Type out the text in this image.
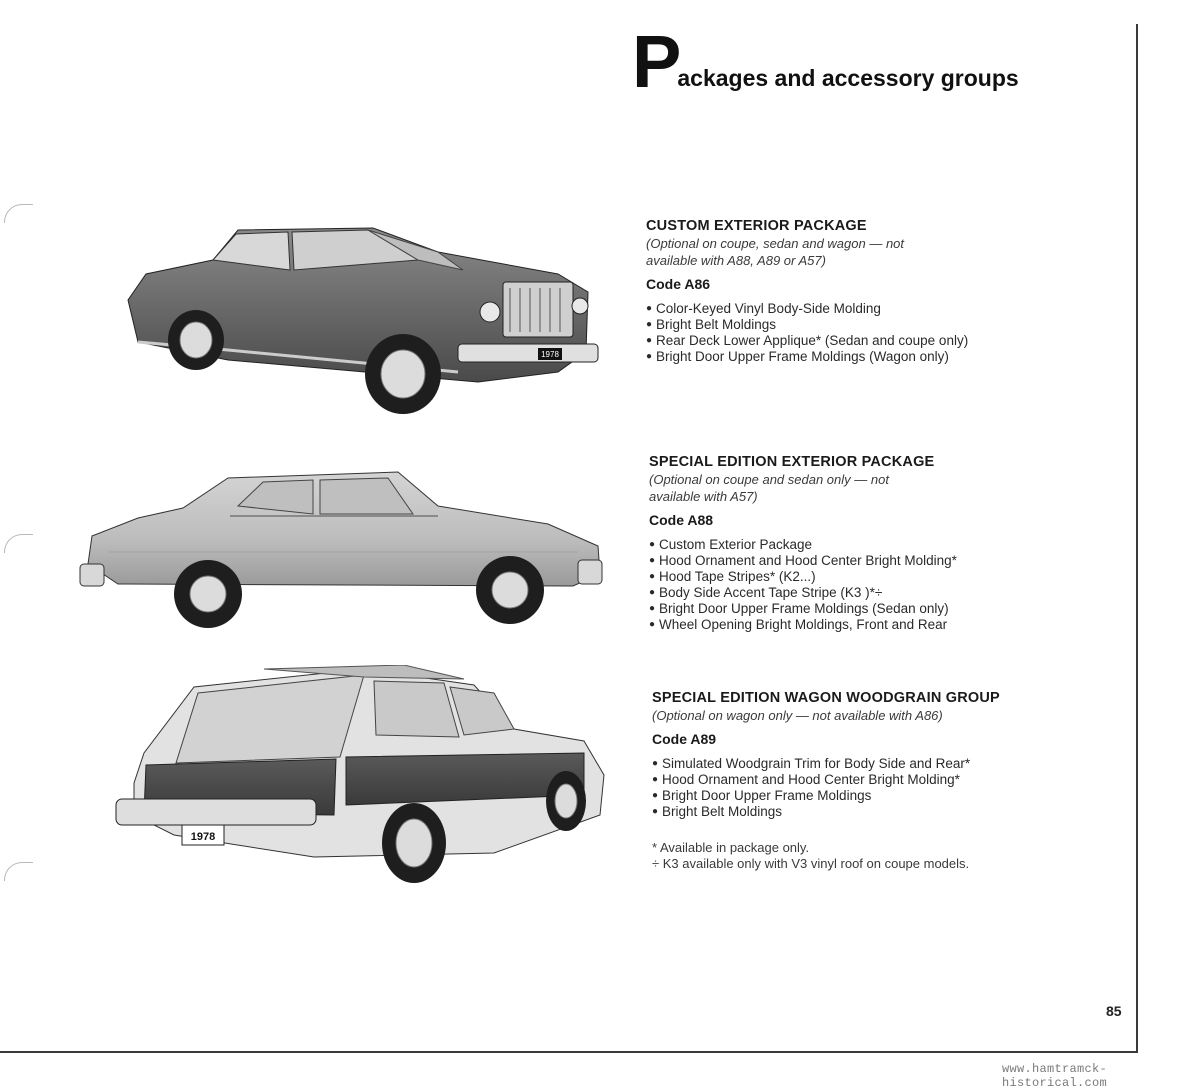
P
ackages and accessory groups
1978
1978
CUSTOM EXTERIOR PACKAGE
(Optional on coupe, sedan and wagon — not
available with A88, A89 or A57)
Code A86
● Color-Keyed Vinyl Body-Side Molding
● Bright Belt Moldings
● Rear Deck Lower Applique* (Sedan and coupe only)
● Bright Door Upper Frame Moldings (Wagon only)
SPECIAL EDITION EXTERIOR PACKAGE
(Optional on coupe and sedan only — not
available with A57)
Code A88
● Custom Exterior Package
● Hood Ornament and Hood Center Bright Molding*
● Hood Tape Stripes* (K2...)
● Body Side Accent Tape Stripe (K3 )*÷
● Bright Door Upper Frame Moldings (Sedan only)
● Wheel Opening Bright Moldings, Front and Rear
SPECIAL EDITION WAGON WOODGRAIN GROUP
(Optional on wagon only — not available with A86)
Code A89
● Simulated Woodgrain Trim for Body Side and Rear*
● Hood Ornament and Hood Center Bright Molding*
● Bright Door Upper Frame Moldings
● Bright Belt Moldings
* Available in package only.
÷ K3 available only with V3 vinyl roof on coupe models.
85
www.hamtramck-historical.com
